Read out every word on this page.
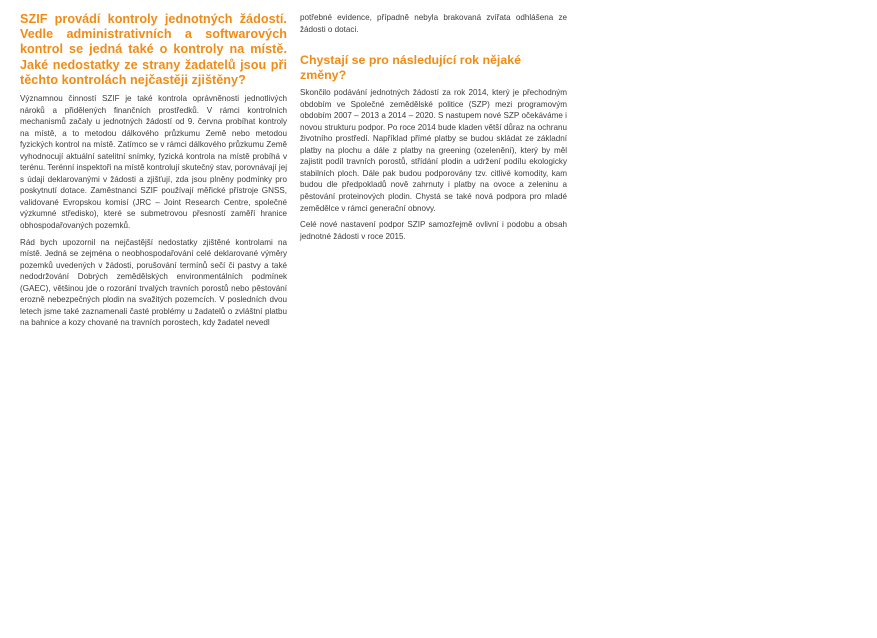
SZIF provádí kontroly jednotných žádostí. Vedle administrativních a softwarových kontrol se jedná také o kontroly na místě. Jaké nedostatky ze strany žadatelů jsou při těchto kontrolách nejčastěji zjištěny?

Významnou činností SZIF je také kontrola oprávněnosti jednotlivých nároků a přidělených finančních prostředků. V rámci kontrolních mechanismů začaly u jednotných žádostí od 9. června probíhat kontroly na místě, a to metodou dálkového průzkumu Země nebo metodou fyzických kontrol na místě. Zatímco se v rámci dálkového průzkumu Země vyhodnocují aktuální satelitní snímky, fyzická kontrola na místě probíhá v terénu. Terénní inspektoři na místě kontrolují skutečný stav, porovnávají jej s údaji deklarovanými v žádosti a zjišťují, zda jsou plněny podmínky pro poskytnutí dotace. Zaměstnanci SZIF používají měřické přístroje GNSS, validované Evropskou komisí (JRC – Joint Research Centre, společné výzkumné středisko), které se submetrovou přesností zaměří hranice obhospodařovaných pozemků.

Rád bych upozornil na nejčastější nedostatky zjištěné kontrolami na místě. Jedná se zejména o neobhospodařování celé deklarované výměry pozemků uvedených v žádosti, porušování termínů sečí či pastvy a také nedodržování Dobrých zemědělských environmentálních podmínek (GAEC), většinou jde o rozorání trvalých travních porostů nebo pěstování erozně nebezpečných plodin na svažitých pozemcích. V posledních dvou letech jsme také zaznamenali časté problémy u žadatelů o zvláštní platbu na bahnice a kozy chované na travních porostech, kdy žadatel nevedl

potřebné evidence, případně nebyla brakovaná zvířata odhlášena ze žádosti o dotaci.

Chystají se pro následující rok nějaké změny?

Skončilo podávání jednotných žádostí za rok 2014, který je přechodným obdobím ve Společné zemědělské politice (SZP) mezi programovým obdobím 2007 – 2013 a 2014 – 2020. S nastupem nové SZP očekáváme i novou strukturu podpor. Po roce 2014 bude kladen větší důraz na ochranu životního prostředí. Například přímé platby se budou skládat ze základní platby na plochu a dále z platby na greening (ozelenění), který by měl zajistit podíl travních porostů, střídání plodin a udržení podílu ekologicky stabilních ploch. Dále pak budou podporovány tzv. citlivé komodity, kam budou dle předpokladů nově zahrnuty i platby na ovoce a zeleninu a pěstování proteinových plodin. Chystá se také nová podpora pro mladé zemědělce v rámci generační obnovy.

Celé nové nastavení podpor SZIP samozřejmě ovlivní i podobu a obsah jednotné žádosti v roce 2015.
